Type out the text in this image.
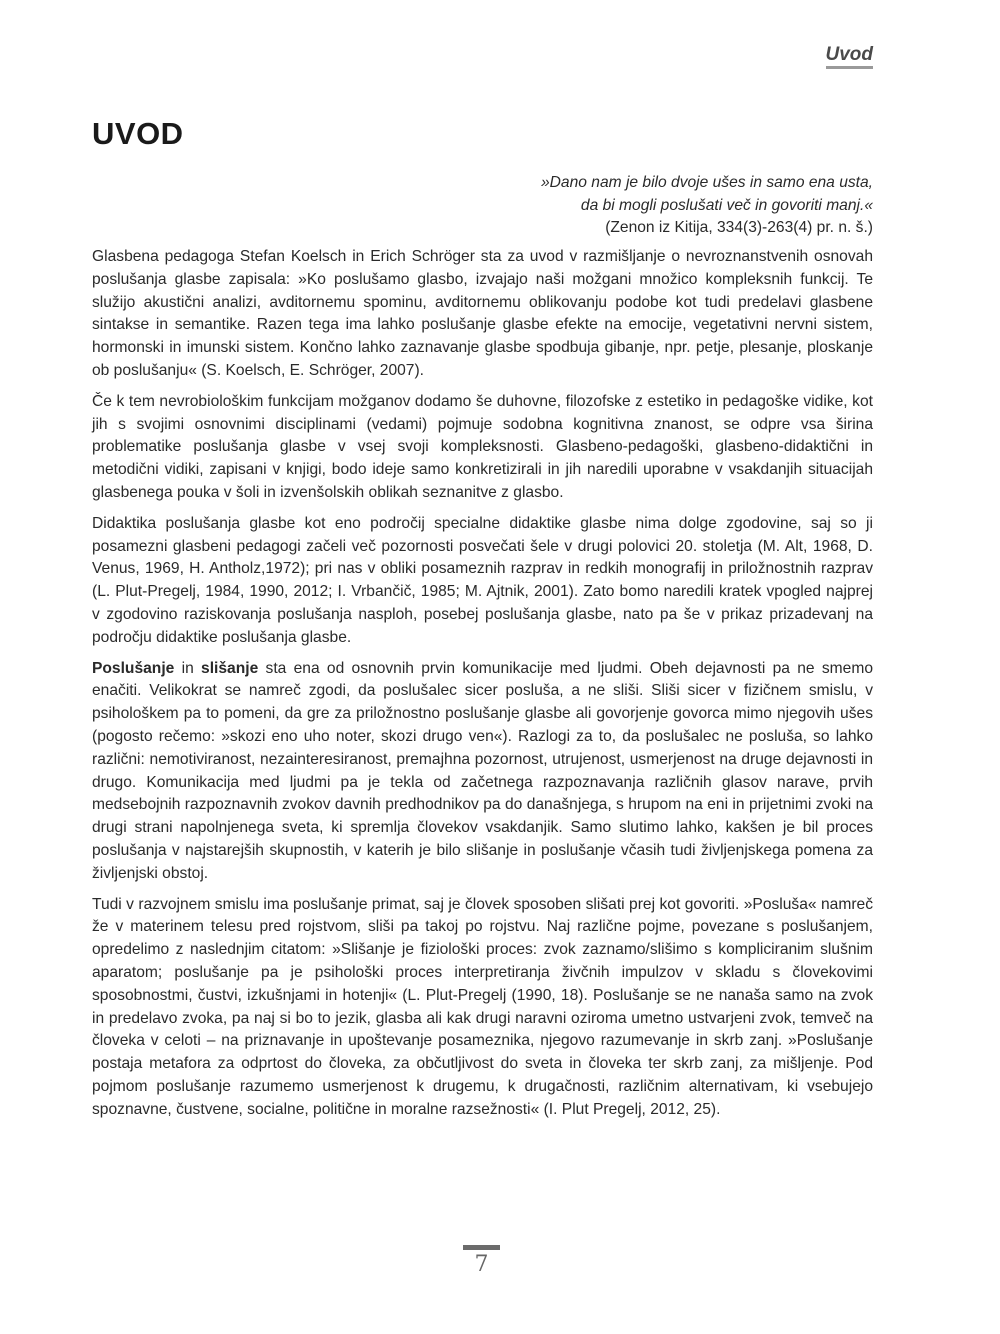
Uvod
UVOD
»Dano nam je bilo dvoje ušes in samo ena usta,
da bi mogli poslušati več in govoriti manj.«
(Zenon iz Kitija, 334(3)-263(4) pr. n. š.)

Glasbena pedagoga Stefan Koelsch in Erich Schröger sta za uvod v razmišljanje o nevroznanstvenih osnovah poslušanja glasbe zapisala: »Ko poslušamo glasbo, izvajajo naši možgani množico kompleksnih funkcij. Te služijo akustični analizi, avditornemu spominu, avditornemu oblikovanju podobe kot tudi predelavi glasbene sintakse in semantike. Razen tega ima lahko poslušanje glasbe efekte na emocije, vegetativni nervni sistem, hormonski in imunski sistem. Končno lahko zaznavanje glasbe spodbuja gibanje, npr. petje, plesanje, ploskanje ob poslušanju« (S. Koelsch, E. Schröger, 2007).

Če k tem nevrobiološkim funkcijam možganov dodamo še duhovne, filozofske z estetiko in pedagoške vidike, kot jih s svojimi osnovnimi disciplinami (vedami) pojmuje sodobna kognitivna znanost, se odpre vsa širina problematike poslušanja glasbe v vsej svoji kompleksnosti. Glasbeno-pedagoški, glasbeno-didaktični in metodični vidiki, zapisani v knjigi, bodo ideje samo konkretizirali in jih naredili uporabne v vsakdanjih situacijah glasbenega pouka v šoli in izvenšolskih oblikah seznanitve z glasbo.

Didaktika poslušanja glasbe kot eno področij specialne didaktike glasbe nima dolge zgodovine, saj so ji posamezni glasbeni pedagogi začeli več pozornosti posvečati šele v drugi polovici 20. stoletja (M. Alt, 1968, D. Venus, 1969, H. Antholz,1972); pri nas v obliki posameznih razprav in redkih monografij in priložnostnih razprav (L. Plut-Pregelj, 1984, 1990, 2012; I. Vrbančič, 1985; M. Ajtnik, 2001). Zato bomo naredili kratek vpogled najprej v zgodovino raziskovanja poslušanja nasploh, posebej poslušanja glasbe, nato pa še v prikaz prizadevanj na področju didaktike poslušanja glasbe.

Poslušanje in slišanje sta ena od osnovnih prvin komunikacije med ljudmi. Obeh dejavnosti pa ne smemo enačiti. Velikokrat se namreč zgodi, da poslušalec sicer posluša, a ne sliši. Sliši sicer v fizičnem smislu, v psihološkem pa to pomeni, da gre za priložnostno poslušanje glasbe ali govorjenje govorca mimo njegovih ušes (pogosto rečemo: »skozi eno uho noter, skozi drugo ven«). Razlogi za to, da poslušalec ne posluša, so lahko različni: nemotiviranost, nezainteresiranost, premajhna pozornost, utrujenost, usmerjenost na druge dejavnosti in drugo. Komunikacija med ljudmi pa je tekla od začetnega razpoznavanja različnih glasov narave, prvih medsebojnih razpoznavnih zvokov davnih predhodnikov pa do današnjega, s hrupom na eni in prijetnimi zvoki na drugi strani napolnjenega sveta, ki spremlja človekov vsakdanjik. Samo slutimo lahko, kakšen je bil proces poslušanja v najstarejših skupnostih, v katerih je bilo slišanje in poslušanje včasih tudi življenjskega pomena za življenjski obstoj.

Tudi v razvojnem smislu ima poslušanje primat, saj je človek sposoben slišati prej kot govoriti. »Posluša« namreč že v materinem telesu pred rojstvom, sliši pa takoj po rojstvu. Naj različne pojme, povezane s poslušanjem, opredelimo z naslednjim citatom: »Slišanje je fiziološki proces: zvok zaznamo/slišimo s kompliciranim slušnim aparatom; poslušanje pa je psihološki proces interpretiranja živčnih impulzov v skladu s človekovimi sposobnostmi, čustvi, izkušnjami in hotenji« (L. Plut-Pregelj (1990, 18). Poslušanje se ne nanaša samo na zvok in predelavo zvoka, pa naj si bo to jezik, glasba ali kak drugi naravni oziroma umetno ustvarjeni zvok, temveč na človeka v celoti – na priznavanje in upoštevanje posameznika, njegovo razumevanje in skrb zanj. »Poslušanje postaja metafora za odprtost do človeka, za občutljivost do sveta in človeka ter skrb zanj, za mišljenje. Pod pojmom poslušanje razumemo usmerjenost k drugemu, k drugačnosti, različnim alternativam, ki vsebujejo spoznavne, čustvene, socialne, politične in moralne razsežnosti« (I. Plut Pregelj, 2012, 25).

7
